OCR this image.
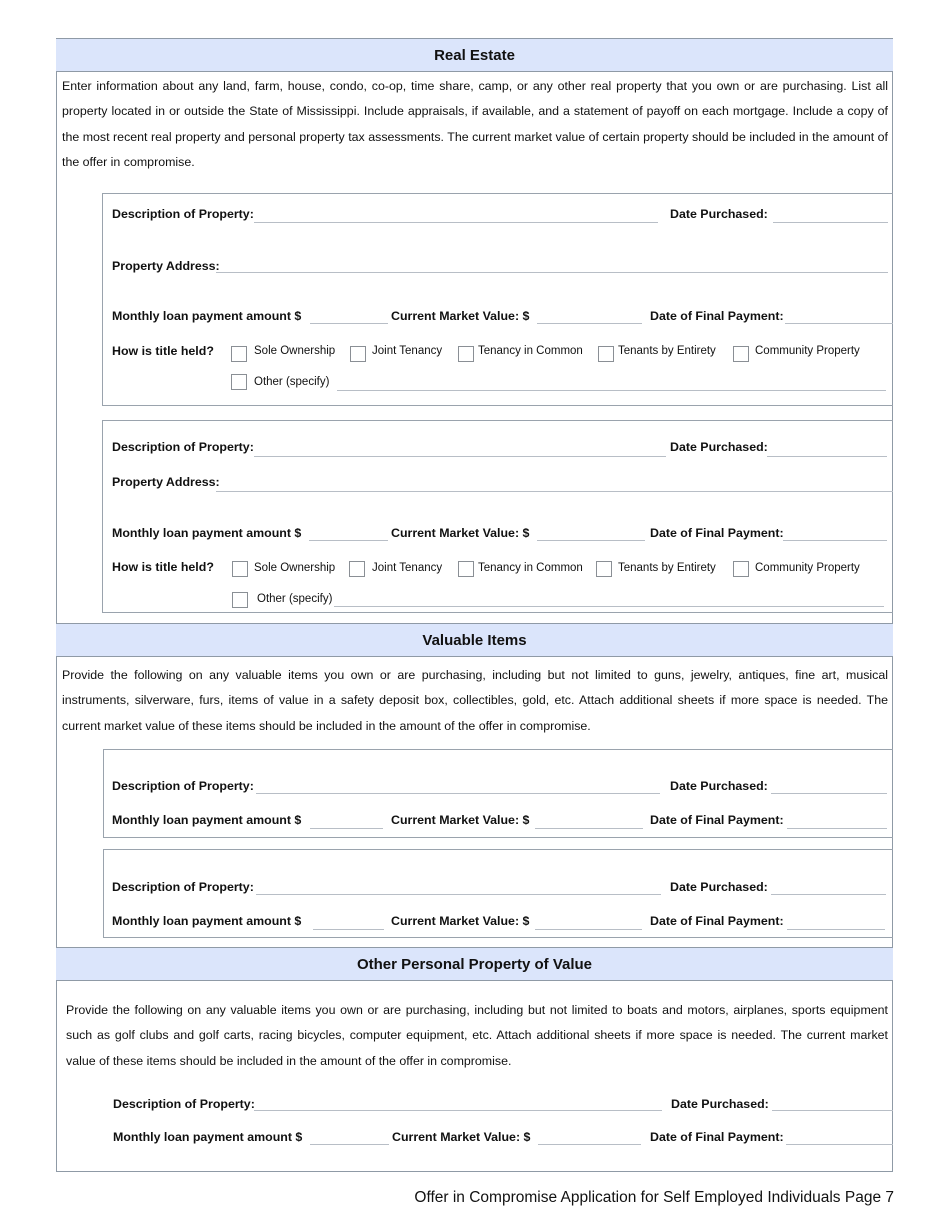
Real Estate
Enter information about any land, farm, house, condo, co-op, time share, camp, or any other real property that you own or are purchasing. List all property located in or outside the State of Mississippi. Include appraisals, if available, and a statement of payoff on each mortgage. Include a copy of the most recent real property and personal property tax assessments. The current market value of certain property should be included in the amount of the offer in compromise.
Description of Property:	Date Purchased:
Property Address:
Monthly loan payment amount $	Current Market Value: $	Date of Final Payment:
How is title held?	Sole Ownership	Joint Tenancy	Tenancy in Common	Tenants by Entirety	Community Property
Other (specify)
Description of Property:	Date Purchased:
Property Address:
Monthly loan payment amount $	Current Market Value: $	Date of Final Payment:
How is title held?	Sole Ownership	Joint Tenancy	Tenancy in Common	Tenants by Entirety	Community Property
Other (specify)
Valuable Items
Provide the following on any valuable items you own or are purchasing, including but not limited to guns, jewelry, antiques, fine art, musical instruments, silverware, furs, items of value in a safety deposit box, collectibles, gold, etc. Attach additional sheets if more space is needed. The current market value of these items should be included in the amount of the offer in compromise.
Description of Property:	Date Purchased:
Monthly loan payment amount $	Current Market Value: $	Date of Final Payment:
Description of Property:	Date Purchased:
Monthly loan payment amount $	Current Market Value: $	Date of Final Payment:
Other Personal Property of Value
Provide the following on any valuable items you own or are purchasing, including but not limited to boats and motors, airplanes, sports equipment such as golf clubs and golf carts, racing bicycles, computer equipment, etc. Attach additional sheets if more space is needed. The current market value of these items should be included in the amount of the offer in compromise.
Description of Property:	Date Purchased:
Monthly loan payment amount $	Current Market Value: $	Date of Final Payment:
Offer in Compromise Application for Self Employed Individuals Page 7
